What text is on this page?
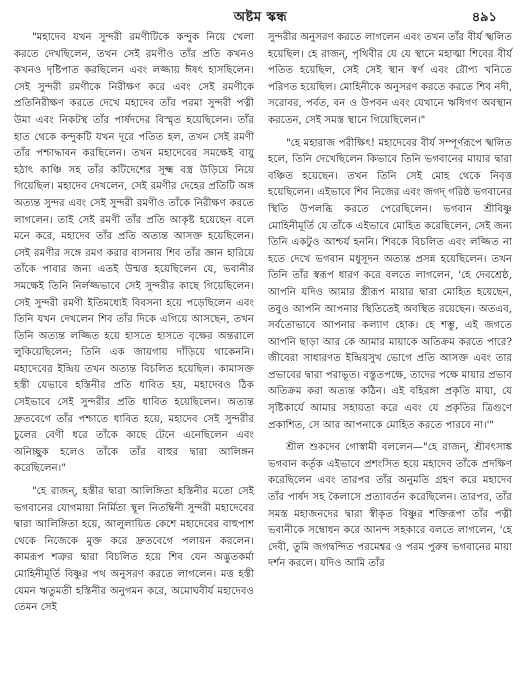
অষ্টম স্কন্ধ	৪৯১

"মহাদেব যখন সুন্দরী রমণীটিকে কন্দুক নিয়ে খেলা করতে দেখছিলেন, তখন সেই রমণীও তাঁর প্রতি কখনও কখনও দৃষ্টিপাত করছিলেন এবং লজ্জায় ঈষৎ হাসছিলেন। সেই সুন্দরী রমণীকে নিরীক্ষণ করে এবং সেই রমণীকে প্রতিনিরীক্ষণ করতে দেখে মহাদেব তাঁর পরমা সুন্দরী পত্নী উমা এবং নিকটস্থ তাঁর পার্ষদদের বিস্মৃত হয়েছিলেন। তাঁর হাত থেকে কন্দুকটি যখন দূরে পতিত হল, তখন সেই রমণী তাঁর পশ্চাদ্ধাবন করছিলেন। তখন মহাদেবের সমক্ষেই বায়ু হঠাৎ কাঞ্চি সহ তাঁর কটিদেশের সূক্ষ্ম বস্ত্র উড়িয়ে নিয়ে গিয়েছিল। মহাদেব দেখলেন, সেই রমণীর দেহের প্রতিটি অঙ্গ অত্যন্ত সুন্দর এবং সেই সুন্দরী রমণীও তাঁকে নিরীক্ষণ করতে লাগলেন। তাই সেই রমণী তাঁর প্রতি আকৃষ্ট হয়েছেন বলে মনে করে, মহাদেব তাঁর প্রতি অত্যন্ত আসক্ত হয়েছিলেন। সেই রমণীর সঙ্গে রমণ করার বাসনায় শিব তাঁর জ্ঞান হারিয়ে তাঁকে পাবার জন্য এতই উন্মত্ত হয়েছিলেন যে, ভবানীর সমক্ষেই তিনি নির্লজ্জভাবে সেই সুন্দরীর কাছে গিয়েছিলেন। সেই সুন্দরী রমণী ইতিমধ্যেই বিবসনা হয়ে পড়েছিলেন এবং তিনি যখন দেখলেন শিব তাঁর দিকে এগিয়ে আসছেন, তখন তিনি অত্যন্ত লজ্জিত হয়ে হাসতে হাসতে বৃক্ষের অন্তরালে লুকিয়েছিলেন; তিনি এক জায়গায় দাঁড়িয়ে থাকেননি। মহাদেবের ইন্দ্রিয় তখন অত্যন্ত বিচলিত হয়েছিল। কামাসক্ত হস্তী যেভাবে হস্তিনীর প্রতি ধাবিত হয়, মহাদেবও ঠিক সেইভাবে সেই সুন্দরীর প্রতি ধাবিত হয়েছিলেন। অত্যন্ত দ্রুতবেগে তাঁর পশ্চাতে ধাবিত হয়ে, মহাদেব সেই সুন্দরীর চুলের বেণী ধরে তাঁকে কাছে টেনে এনেছিলেন এবং অনিচ্ছুক হলেও তাঁকে তাঁর বাহুর দ্বারা আলিঙ্গন করেছিলেন।"

"হে রাজন্, হস্তীর দ্বারা আলিঙ্গিতা হস্তিনীর মতো সেই ভগবানের যোগমায়া নির্মিতা স্থূল নিতম্বিনী সুন্দরী মহাদেবের দ্বারা আলিঙ্গিতা হয়ে, আলুলায়িত কেশে মহাদেবের বাহুপাশ থেকে নিজেকে মুক্ত করে দ্রুতবেগে পলায়ন করলেন। কামরূপ শত্রুর দ্বারা বিচলিত হয়ে শিব যেন অদ্ভুতকর্মা মোহিনীমূর্তি বিষ্ণুর পথ অনুসরণ করতে লাগলেন। মত্ত হস্তী যেমন ঋতুমতী হস্তিনীর অনুগমন করে, অমোঘবীর্য মহাদেবও তেমন সেই

সুন্দরীর অনুসরণ করতে লাগলেন এবং তখন তাঁর বীর্য স্খলিত হয়েছিল। হে রাজন্, পৃথিবীর যে যে স্থানে মহাত্মা শিবের বীর্য পতিত হয়েছিল, সেই সেই স্থান স্বর্ণ এবং রৌপ্য খনিতে পরিণত হয়েছিল। মোহিনীকে অনুসরণ করতে করতে শিব নদী, সরোবর, পর্বত, বন ও উপবন এবং যেখানে ঋষিগণ অবস্থান করতেন, সেই সমস্ত স্থানে গিয়েছিলেন।"

"হে মহারাজ পরীক্ষিৎ! মহাদেবের বীর্য সম্পূর্ণরূপে স্খলিত হলে, তিনি দেখেছিলেন কিভাবে তিনি ভগবানের মায়ার দ্বারা বঞ্চিত হয়েছেন। তখন তিনি সেই মোহ থেকে নিবৃত্ত হয়েছিলেন। এইভাবে শিব নিজের এবং জগদ্ গরিষ্ঠ ভগবানের স্থিতি উপলব্ধি করতে পেরেছিলেন। ভগবান শ্রীবিষ্ণু মোহিনীমূর্তি যে তাঁকে এইভাবে মোহিত করেছিলেন, সেই জন্য তিনি একটুও আশ্চর্য হননি। শিবকে বিচলিত এবং লজ্জিত না হতে দেখে ভগবান মধুসূদন অত্যন্ত প্রসন্ন হয়েছিলেন। তখন তিনি তাঁর স্বরূপ ধারণ করে বলতে লাগলেন, 'হে দেবশ্রেষ্ঠ, আপনি যদিও আমার স্ত্রীরূপ মায়ার দ্বারা মোহিত হয়েছেন, তবুও আপনি আপনার স্থিতিতেই অবস্থিত রয়েছেন। অতএব, সর্বতোভাবে আপনার কল্যাণ হোক। হে শম্ভু, এই জগতে আপনি ছাড়া আর কে আমার মায়াকে অতিক্রম করতে পারে? জীবেরা সাধারণত ইন্দ্রিয়সুখ ভোগে প্রতি আসক্ত এবং তার প্রভাবের দ্বারা পরাভূত। বস্তুতপক্ষে, তাদের পক্ষে মায়ার প্রভাব অতিক্রম করা অত্যন্ত কঠিন। এই বহিরঙ্গা প্রকৃতি মায়া, যে সৃষ্টিকার্যে আমার সহায়তা করে এবং যে প্রকৃতির ত্রিগুণে প্রকাশিত, সে আর আপনাকে মোহিত করতে পারবে না।'"

শ্রীল শুকদেব গোস্বামী বললেন—"হে রাজন্, শ্রীবৎসাঙ্ক ভগবান কর্তৃক এইভাবে প্রশংসিত হয়ে মহাদেব তাঁকে প্রদক্ষিণ করেছিলেন এবং তারপর তাঁর অনুমতি গ্রহণ করে মহাদেব তাঁর পার্ষদ সহ কৈলাসে প্রত্যাবর্তন করেছিলেন। তারপর, তাঁর সমস্ত মহাজনদের দ্বারা স্বীকৃত বিষ্ণুর শক্তিরূপা তাঁর পত্নী ভবানীকে সম্বোধন করে আনন্দ সহকারে বলতে লাগলেন, 'হে দেবী, তুমি জগদ্বন্দিত পরমেশ্বর ও পরম পুরুষ ভগবানের মায়া দর্শন করলে। যদিও আমি তাঁর
